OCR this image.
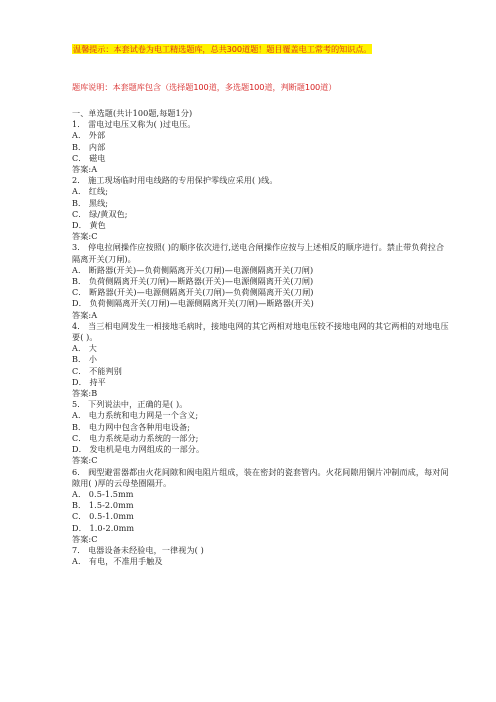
温馨提示：本套试卷为电工精选题库，总共300道题！题目覆盖电工常考的知识点。
题库说明：本套题库包含（选择题100道，多选题100道，判断题100道）
一、单选题(共计100题,每题1分)
1． 雷电过电压又称为( )过电压。
A． 外部
B． 内部
C． 磁电
答案:A
2． 施工现场临时用电线路的专用保护零线应采用( )线。
A． 红线;
B． 黑线;
C． 绿/黄双色;
D． 黄色
答案:C
3． 停电拉闸操作应按照( )的顺序依次进行,送电合闸操作应按与上述相反的顺序进行。禁止带负荷拉合隔离开关(刀闸)。
A． 断路器(开关)—负荷侧隔离开关(刀闸)—电源侧隔离开关(刀闸)
B． 负荷侧隔离开关(刀闸)—断路器(开关)—电源侧隔离开关(刀闸)
C． 断路器(开关)—电源侧隔离开关(刀闸)—负荷侧隔离开关(刀闸)
D． 负荷侧隔离开关(刀闸)—电源侧隔离开关(刀闸)—断路器(开关)
答案:A
4． 当三相电网发生一相接地毛病时，接地电网的其它两相对地电压较不接地电网的其它两相的对地电压要( )。
A． 大
B． 小
C． 不能判别
D． 持平
答案:B
5． 下列说法中，正确的是( )。
A． 电力系统和电力网是一个含义;
B． 电力网中包含各种用电设备;
C． 电力系统是动力系统的一部分;
D． 发电机是电力网组成的一部分。
答案:C
6． 阀型避雷器都由火花间隙和阀电阻片组成，装在密封的瓷套管内。火花间隙用铜片冲制而成，每对间隙用( )厚的云母垫圈隔开。
A． 0.5-1.5mm
B． 1.5-2.0mm
C． 0.5-1.0mm
D． 1.0-2.0mm
答案:C
7． 电器设备未经验电，一律视为( )
A． 有电，不准用手触及
